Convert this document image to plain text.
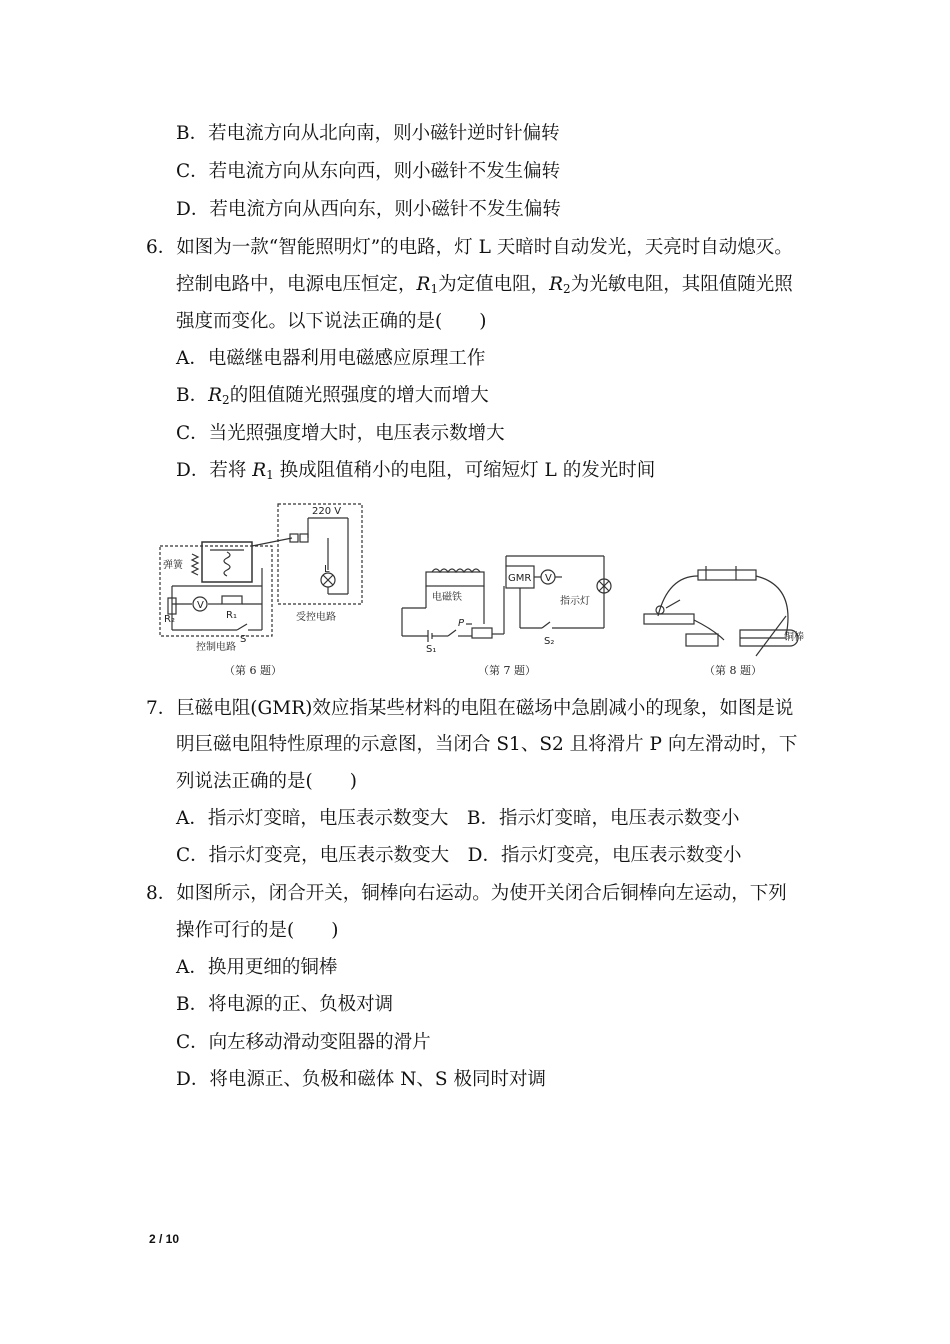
B．若电流方向从北向南，则小磁针逆时针偏转
C．若电流方向从东向西，则小磁针不发生偏转
D．若电流方向从西向东，则小磁针不发生偏转
6．如图为一款“智能照明灯”的电路，灯 L 天暗时自动发光，天亮时自动熄灭。
控制电路中，电源电压恒定，$R_1$为定值电阻，$R_2$为光敏电阻，其阻值随光照
强度而变化。以下说法正确的是(　　)
A．电磁继电器利用电磁感应原理工作
B．$R_2$的阻值随光照强度的增大而增大
C．当光照强度增大时，电压表示数增大
D．若将 $R_1$ 换成阻值稍小的电阻，可缩短灯 L 的发光时间
弹簧
220 V
L
受控电路
控制电路
V
R₁
R₂
S
（第 6 题）
电磁铁
GMR V
指示灯
P
S₁
S₂
（第 7 题）
铜棒
（第 8 题）
7．巨磁电阻(GMR)效应指某些材料的电阻在磁场中急剧减小的现象，如图是说
明巨磁电阻特性原理的示意图，当闭合 S1、S2 且将滑片 P 向左滑动时，下
列说法正确的是(　　)
A．指示灯变暗，电压表示数变大　B．指示灯变暗，电压表示数变小
C．指示灯变亮，电压表示数变大　D．指示灯变亮，电压表示数变小
8．如图所示，闭合开关，铜棒向右运动。为使开关闭合后铜棒向左运动，下列
操作可行的是(　　)
A．换用更细的铜棒
B．将电源的正、负极对调
C．向左移动滑动变阻器的滑片
D．将电源正、负极和磁体 N、S 极同时对调
2 / 10
